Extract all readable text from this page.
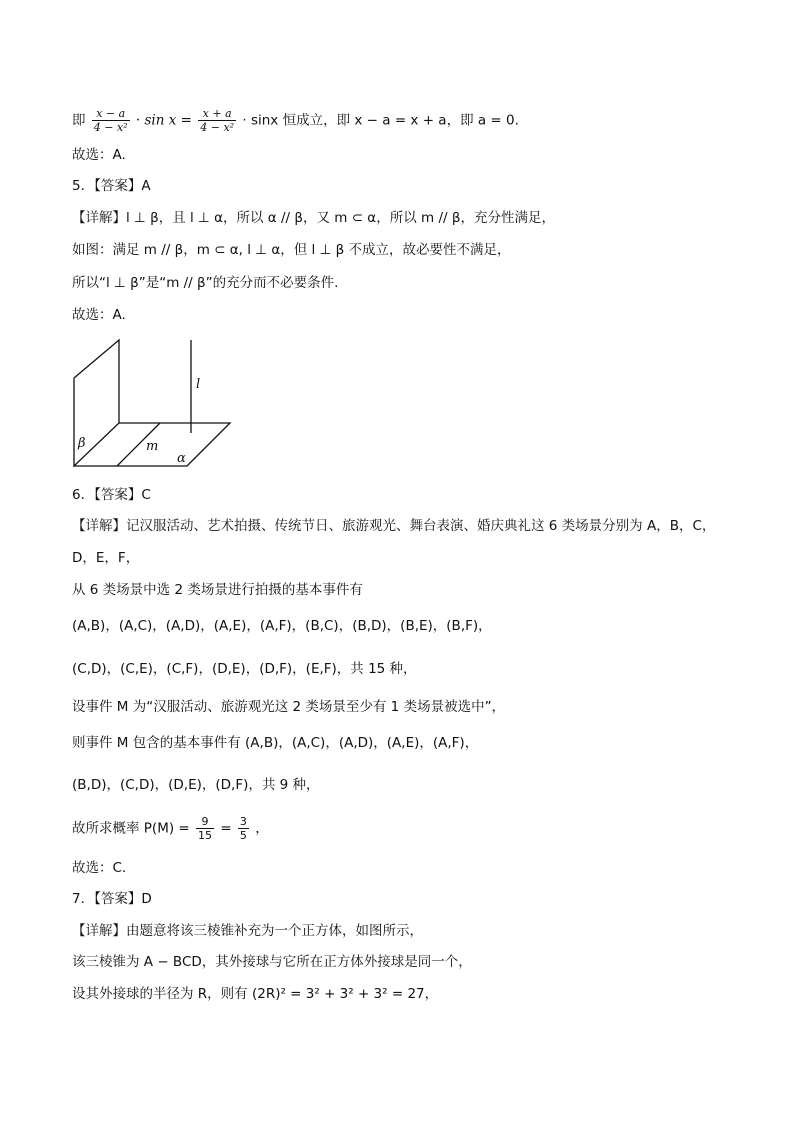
即 $\frac{x - a}{\text{4 − x²}} \cdot \sin x = \frac{x + a}{\text{4 − x²}} \cdot \sin x$ 恒成立，即 x − a = x + a，即 a = 0.
故选：A.
5．【答案】A
【详解】l ⊥ β，且 l ⊥ α，所以 α // β，又 m ⊂ α，所以 m // β，充分性满足，
如图：满足 m // β，m ⊂ α, l ⊥ α，但 l ⊥ β 不成立，故必要性不满足，
所以“l ⊥ β”是“m // β”的充分而不必要条件.
故选：A.
l
β	m
α
6．【答案】C
【详解】记汉服活动、艺术拍摄、传统节日、旅游观光、舞台表演、婚庆典礼这 6 类场景分别为 A，B，C，
D，E，F，
从 6 类场景中选 2 类场景进行拍摄的基本事件有
(A,B)，(A,C)，(A,D)，(A,E)，(A,F)，(B,C)，(B,D)，(B,E)，(B,F)，
(C,D)，(C,E)，(C,F)，(D,E)，(D,F)，(E,F)，共 15 种，
设事件 M 为“汉服活动、旅游观光这 2 类场景至少有 1 类场景被选中”，
则事件 M 包含的基本事件有 (A,B)，(A,C)，(A,D)，(A,E)，(A,F)，
(B,D)，(C,D)，(D,E)，(D,F)，共 9 种，
故所求概率 $P(M) = \frac{9}{15} = \frac{3}{5}$ ，
故选：C.
7．【答案】D
【详解】由题意将该三棱锥补充为一个正方体，如图所示，
该三棱锥为 A − BCD，其外接球与它所在正方体外接球是同一个，
设其外接球的半径为 R，则有 (2R)² = 3² + 3² + 3² = 27，
